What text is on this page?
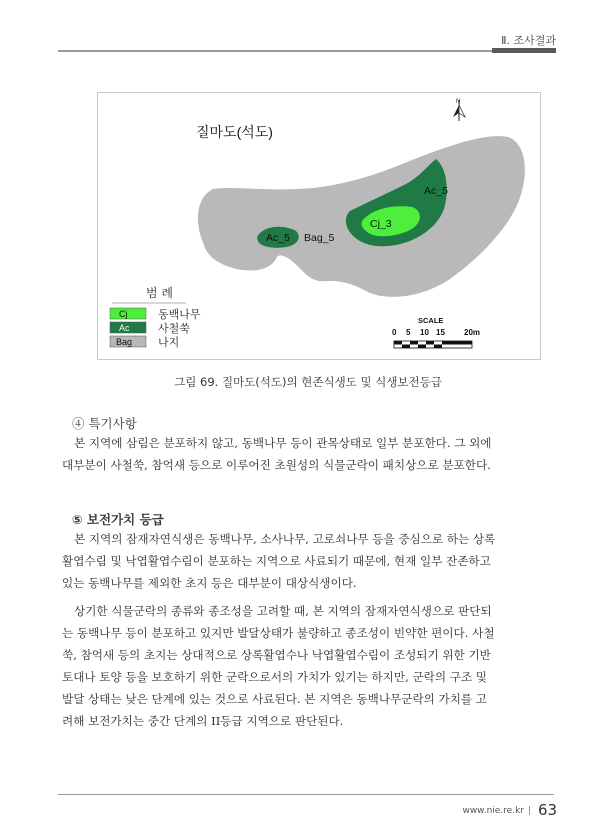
Ⅱ. 조사결과
질마도(석도)
Ac_5
Cj_3
Ac_5 Bag_5
N
범 례
Cj	동백나무
Ac	사철쑥
Bag 나지
SCALE
0 5 10 15 20m
그림 69. 질마도(석도)의 현존식생도 및 식생보전등급
④ 특기사항
본 지역에 삼림은 분포하지 않고, 동백나무 등이 관목상태로 일부 분포한다. 그 외에
대부분이 사철쑥, 참억새 등으로 이루어진 초원성의 식물군락이 패치상으로 분포한다.
⑤ 보전가치 등급
본 지역의 잠재자연식생은 동백나무, 소사나무, 고로쇠나무 등을 중심으로 하는 상록
활엽수림 및 낙엽활엽수림이 분포하는 지역으로 사료되기 때문에, 현재 일부 잔존하고
있는 동백나무를 제외한 초지 등은 대부분이 대상식생이다.
상기한 식물군락의 종류와 종조성을 고려할 때, 본 지역의 잠재자연식생으로 판단되
는 동백나무 등이 분포하고 있지만 발달상태가 불량하고 종조성이 빈약한 편이다. 사철
쑥, 참억새 등의 초지는 상대적으로 상록활엽수나 낙엽활엽수림이 조성되기 위한 기반
토대나 토양 등을 보호하기 위한 군락으로서의 가치가 있기는 하지만, 군락의 구조 및
발달 상태는 낮은 단계에 있는 것으로 사료된다. 본 지역은 동백나무군락의 가치를 고
려해 보전가치는 중간 단계의 II등급 지역으로 판단된다.
www.nie.re.kr | 63
